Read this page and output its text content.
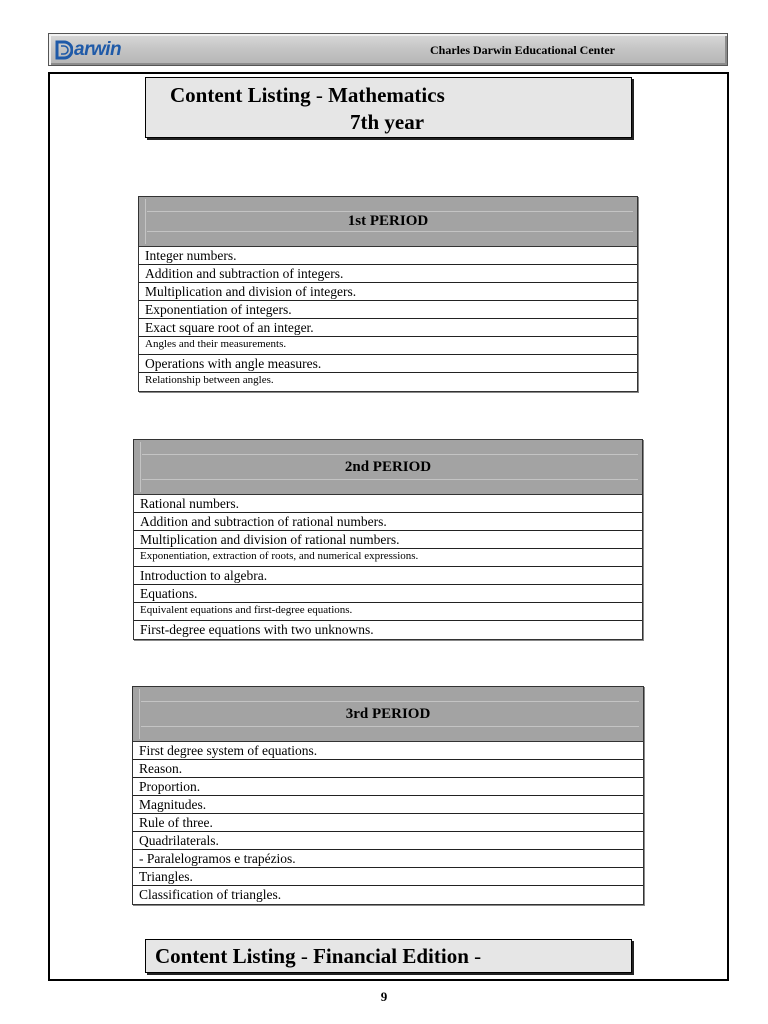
arwin	Charles Darwin Educational Center
Content Listing - Mathematics
7th year
1st PERIOD
Integer numbers.
Addition and subtraction of integers.
Multiplication and division of integers.
Exponentiation of integers.
Exact square root of an integer.
Angles and their measurements.
Operations with angle measures.
Relationship between angles.
2nd PERIOD
Rational numbers.
Addition and subtraction of rational numbers.
Multiplication and division of rational numbers.
Exponentiation, extraction of roots, and numerical expressions.
Introduction to algebra.
Equations.
Equivalent equations and first-degree equations.
First-degree equations with two unknowns.
3rd PERIOD
First degree system of equations.
Reason.
Proportion.
Magnitudes.
Rule of three.
Quadrilaterals.
- Paralelogramos e trapézios.
Triangles.
Classification of triangles.
Content Listing - Financial Edition -
9
